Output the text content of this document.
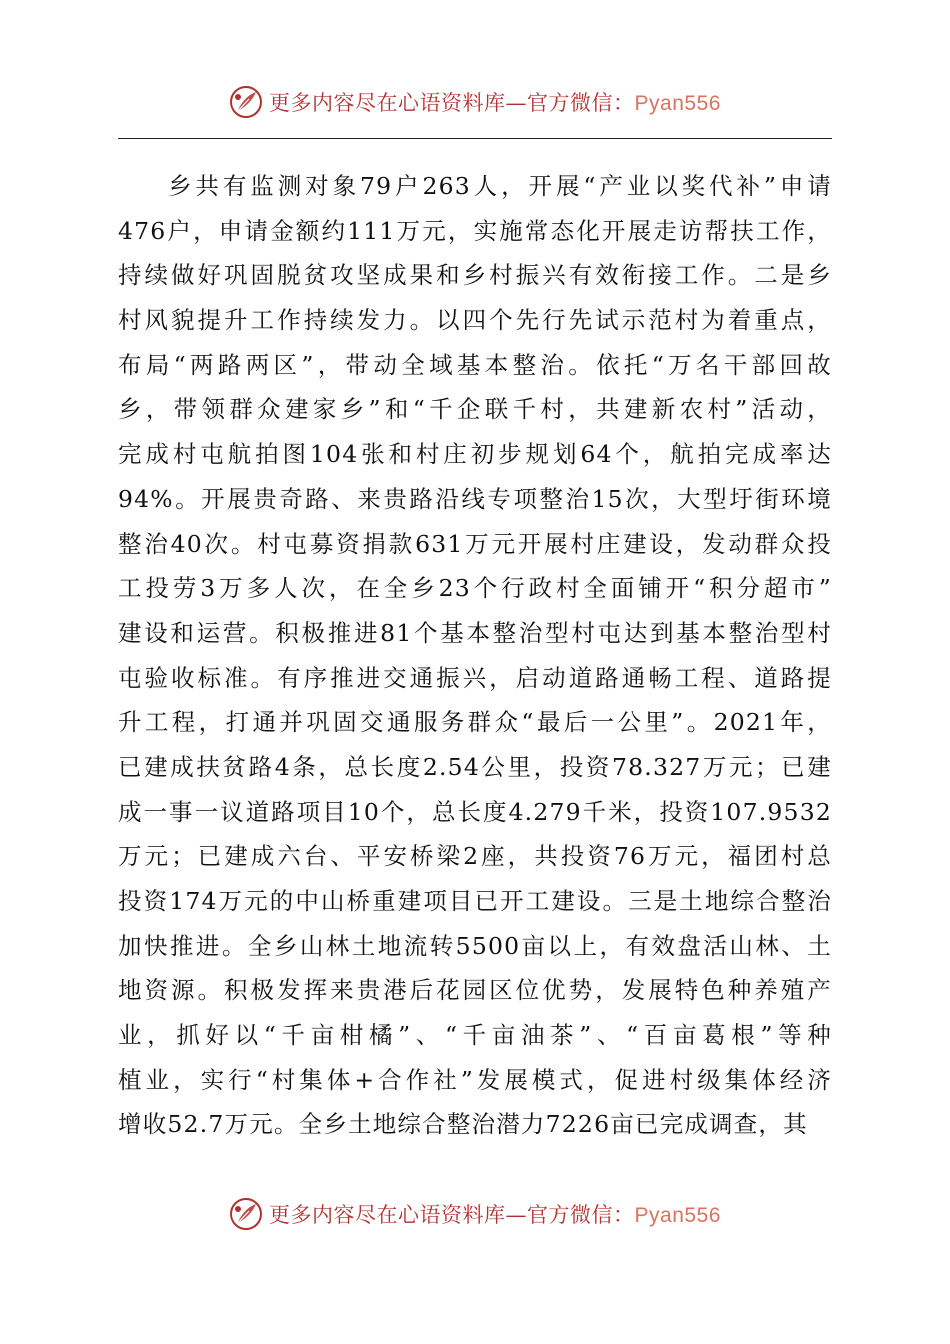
更多内容尽在心语资料库—官方微信：Pyan556
乡共有监测对象79户263人，开展“产业以奖代补”申请
476户，申请金额约111万元，实施常态化开展走访帮扶工作，
持续做好巩固脱贫攻坚成果和乡村振兴有效衔接工作。二是乡
村风貌提升工作持续发力。以四个先行先试示范村为着重点，
布局“两路两区”，带动全域基本整治。依托“万名干部回故
乡，带领群众建家乡”和“千企联千村，共建新农村”活动，
完成村屯航拍图104张和村庄初步规划64个，航拍完成率达
94%。开展贵奇路、来贵路沿线专项整治15次，大型圩街环境
整治40次。村屯募资捐款631万元开展村庄建设，发动群众投
工投劳3万多人次，在全乡23个行政村全面铺开“积分超市”
建设和运营。积极推进81个基本整治型村屯达到基本整治型村
屯验收标准。有序推进交通振兴，启动道路通畅工程、道路提
升工程，打通并巩固交通服务群众“最后一公里”。2021年，
已建成扶贫路4条，总长度2.54公里，投资78.327万元；已建
成一事一议道路项目10个，总长度4.279千米，投资107.9532
万元；已建成六台、平安桥梁2座，共投资76万元，福团村总
投资174万元的中山桥重建项目已开工建设。三是土地综合整治
加快推进。全乡山林土地流转5500亩以上，有效盘活山林、土
地资源。积极发挥来贵港后花园区位优势，发展特色种养殖产
业，抓好以“千亩柑橘”、“千亩油茶”、“百亩葛根”等种
植业，实行“村集体+合作社”发展模式，促进村级集体经济
增收52.7万元。全乡土地综合整治潜力7226亩已完成调查，其
更多内容尽在心语资料库—官方微信：Pyan556
